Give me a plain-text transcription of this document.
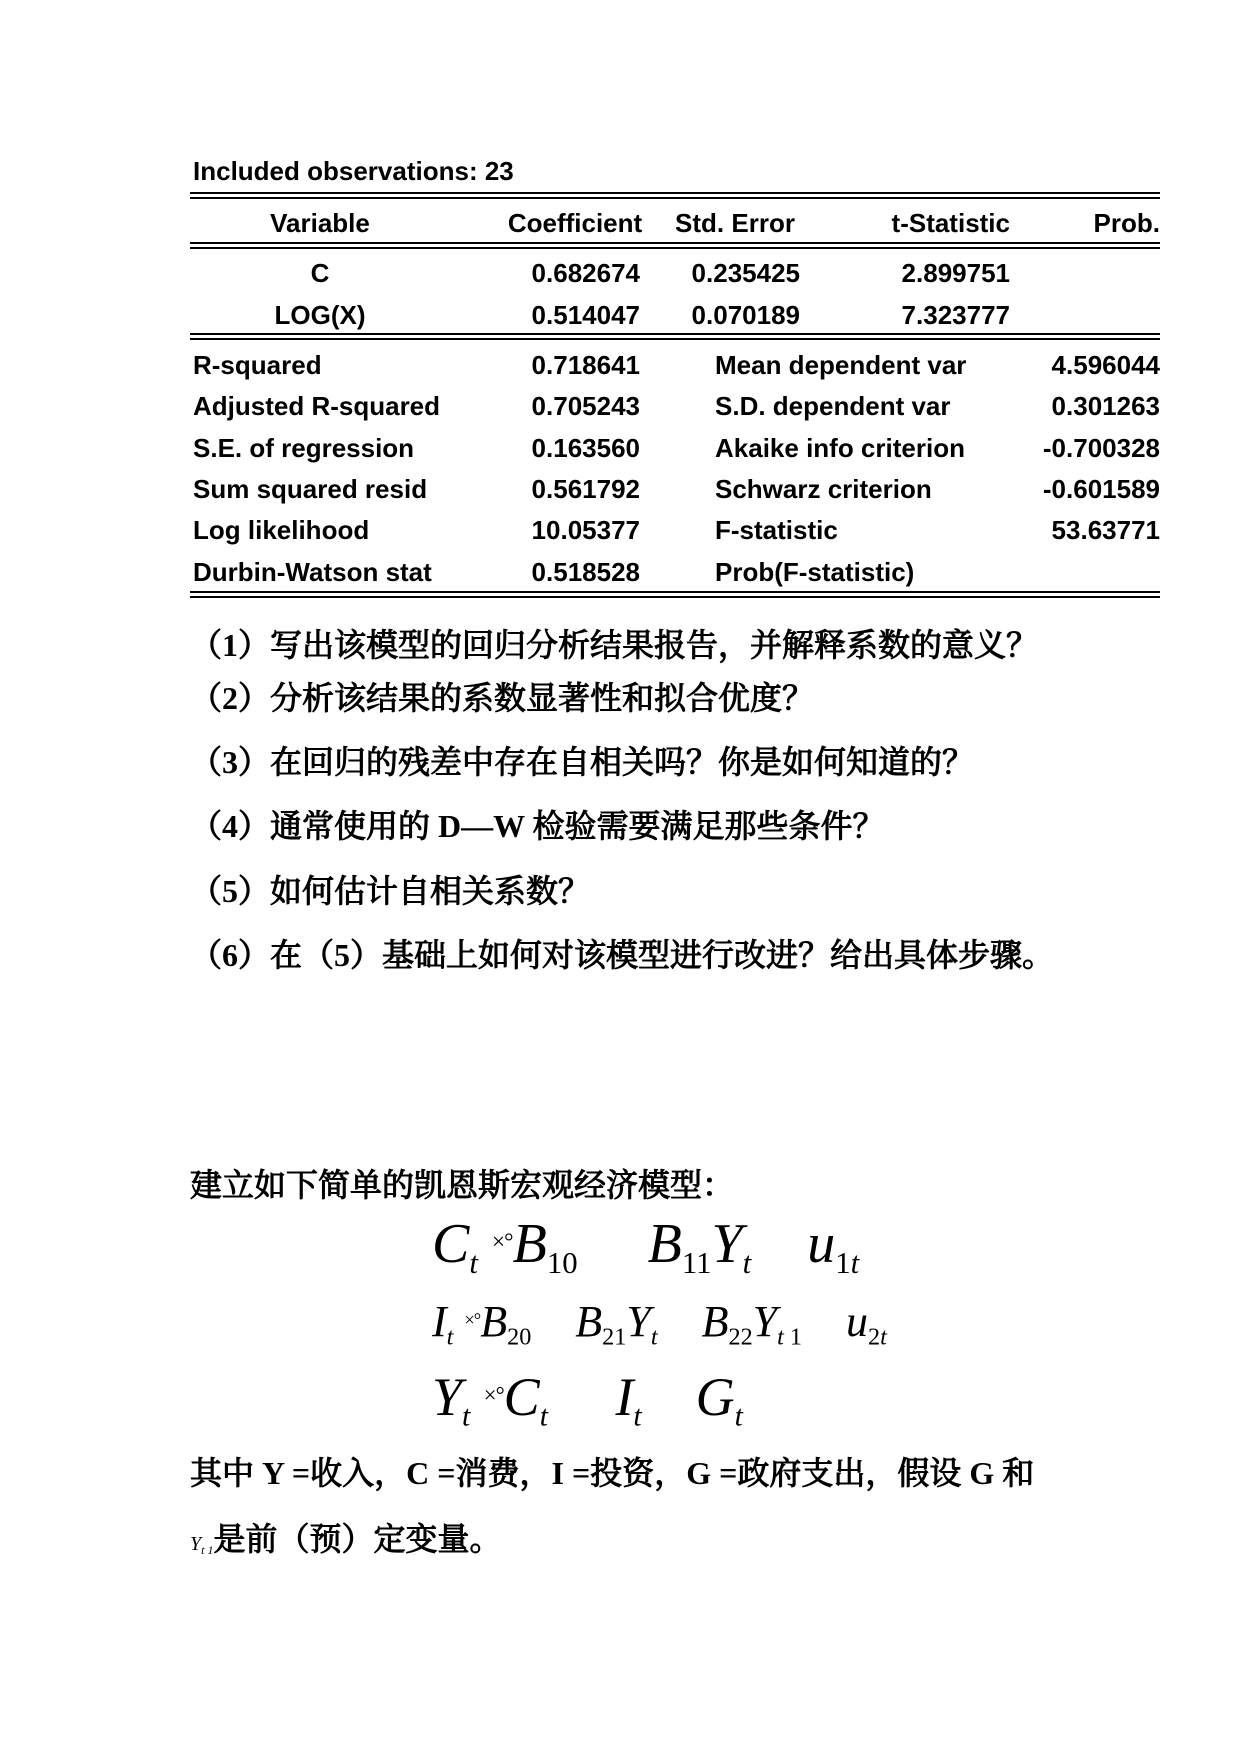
Included observations: 23
Variable	Coefficient	Std. Error	t-Statistic	Prob.
C	0.682674	0.235425	2.899751
LOG(X)	0.514047	0.070189	7.323777
R-squared	0.718641	Mean dependent var	4.596044
Adjusted R-squared	0.705243	S.D. dependent var	0.301263
S.E. of regression	0.163560	Akaike info criterion	-0.700328
Sum squared resid	0.561792	Schwarz criterion	-0.601589
Log likelihood	10.05377	F-statistic	53.63771
Durbin-Watson stat	0.518528	Prob(F-statistic)
（1）写出该模型的回归分析结果报告，并解释系数的意义？
（2）分析该结果的系数显著性和拟合优度？
（3）在回归的残差中存在自相关吗？你是如何知道的？
（4）通常使用的 D—W 检验需要满足那些条件？
（5）如何估计自相关系数？
（6）在（5）基础上如何对该模型进行改进？给出具体步骤。
建立如下简单的凯恩斯宏观经济模型：
Ct $^{\times^\circ}B_{10}$     $B_{11}Yt$    $u_1t$
It $^{\times^\circ}B_{20}$    $B_{21}Yt$    $B_{22}Yt$ $_1$    $u_2t$
Yt ×°Ct     It    Gt
其中 Y =收入，C =消费，I =投资，G =政府支出，假设 G 和
$Y_{t 1}$是前（预）定变量。
